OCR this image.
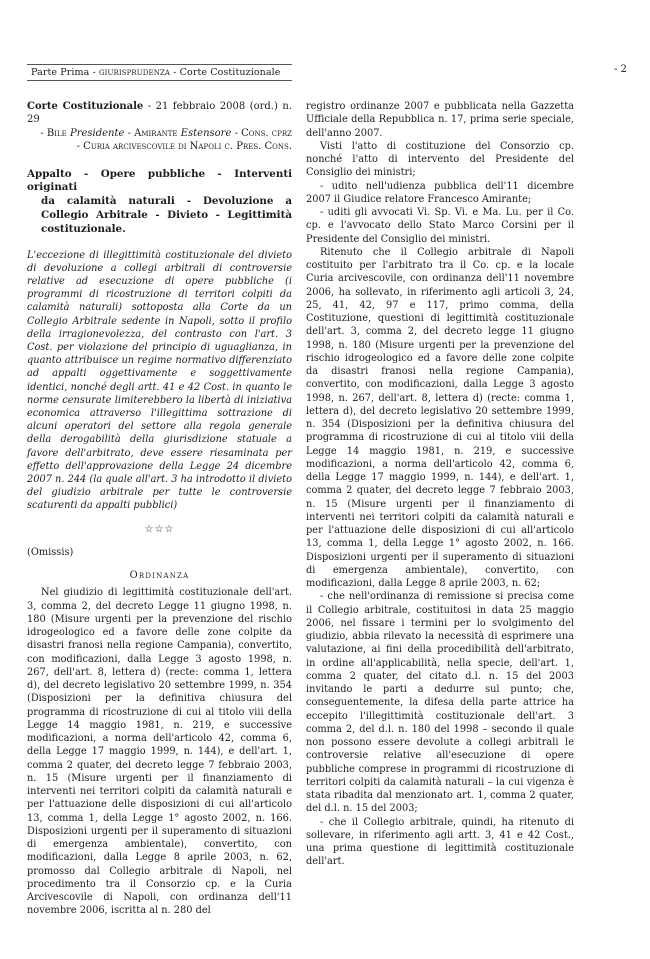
Parte Prima - giurisprudenza - Corte Costituzionale	- 2

Corte Costituzionale - 21 febbraio 2008 (ord.) n. 29

- Bile Presidente - Amirante Estensore - Cons. cprz

- Curia arcivescovile di Napoli c. Pres. Cons.

Appalto - Opere pubbliche - Interventi originati

da calamità naturali - Devoluzione a Collegio Arbitrale - Divieto - Legittimità costituzionale.

L'eccezione di illegittimità costituzionale del divieto di devoluzione a collegi arbitrali di controversie relative ad esecuzione di opere pubbliche (i programmi di ricostruzione di territori colpiti da calamità naturali) sottoposta alla Corte da un Collegio Arbitrale sedente in Napoli, sotto il profilo della irragionevolezza, del contrasto con l'art. 3 Cost. per violazione del principio di uguaglianza, in quanto attribuisce un regime normativo differenziato ad appalti oggettivamente e soggettivamente identici, nonché degli artt. 41 e 42 Cost. in quanto le norme censurate limiterebbero la libertà di iniziativa economica attraverso l'illegittima sottrazione di alcuni operatori del settore alla regola generale della derogabilità della giurisdizione statuale a favore dell'arbitrato, deve essere riesaminata per effetto dell'approvazione della Legge 24 dicembre 2007 n. 244 (la quale all'art. 3 ha introdotto il divieto del giudizio arbitrale per tutte le controversie scaturenti da appalti pubblici)

☆☆☆

(Omissis)

Ordinanza

Nel giudizio di legittimità costituzionale dell'art. 3, comma 2, del decreto Legge 11 giugno 1998, n. 180 (Misure urgenti per la prevenzione del rischio idrogeologico ed a favore delle zone colpite da disastri franosi nella regione Campania), convertito, con modificazioni, dalla Legge 3 agosto 1998, n. 267, dell'art. 8, lettera d) (recte: comma 1, lettera d), del decreto legislativo 20 settembre 1999, n. 354 (Disposizioni per la definitiva chiusura del programma di ricostruzione di cui al titolo viii della Legge 14 maggio 1981, n. 219, e successive modificazioni, a norma dell'articolo 42, comma 6, della Legge 17 maggio 1999, n. 144), e dell'art. 1, comma 2 quater, del decreto legge 7 febbraio 2003, n. 15 (Misure urgenti per il finanziamento di interventi nei territori colpiti da calamità naturali e per l'attuazione delle disposizioni di cui all'articolo 13, comma 1, della Legge 1° agosto 2002, n. 166. Disposizioni urgenti per il superamento di situazioni di emergenza ambientale), convertito, con modificazioni, dalla Legge 8 aprile 2003, n. 62, promosso dal Collegio arbitrale di Napoli, nel procedimento tra il Consorzio cp. e la Curia Arcivescovile di Napoli, con ordinanza dell'11 novembre 2006, iscritta al n. 280 del

registro ordinanze 2007 e pubblicata nella Gazzetta Ufficiale della Repubblica n. 17, prima serie speciale, dell'anno 2007.

Visti l'atto di costituzione del Consorzio cp. nonché l'atto di intervento del Presidente del Consiglio dei ministri;

- udito nell'udienza pubblica dell'11 dicembre 2007 il Giudice relatore Francesco Amirante;

- uditi gli avvocati Vi. Sp. Vi. e Ma. Lu. per il Co. cp. e l'avvocato dello Stato Marco Corsini per il Presidente del Consiglio dei ministri.

Ritenuto che il Collegio arbitrale di Napoli costituito per l'arbitrato tra il Co. cp. e la locale Curia arcivescovile, con ordinanza dell'11 novembre 2006, ha sollevato, in riferimento agli articoli 3, 24, 25, 41, 42, 97 e 117, primo comma, della Costituzione, questioni di legittimità costituzionale dell'art. 3, comma 2, del decreto legge 11 giugno 1998, n. 180 (Misure urgenti per la prevenzione del rischio idrogeologico ed a favore delle zone colpite da disastri franosi nella regione Campania), convertito, con modificazioni, dalla Legge 3 agosto 1998, n. 267, dell'art. 8, lettera d) (recte: comma 1, lettera d), del decreto legislativo 20 settembre 1999, n. 354 (Disposizioni per la definitiva chiusura del programma di ricostruzione di cui al titolo viii della Legge 14 maggio 1981, n. 219, e successive modificazioni, a norma dell'articolo 42, comma 6, della Legge 17 maggio 1999, n. 144), e dell'art. 1, comma 2 quater, del decreto legge 7 febbraio 2003, n. 15 (Misure urgenti per il finanziamento di interventi nei territori colpiti da calamità naturali e per l'attuazione delle disposizioni di cui all'articolo 13, comma 1, della Legge 1° agosto 2002, n. 166. Disposizioni urgenti per il superamento di situazioni di emergenza ambientale), convertito, con modificazioni, dalla Legge 8 aprile 2003, n. 62;

- che nell'ordinanza di remissione si precisa come il Collegio arbitrale, costituitosi in data 25 maggio 2006, nel fissare i termini per lo svolgimento del giudizio, abbia rilevato la necessità di esprimere una valutazione, ai fini della procedibilità dell'arbitrato, in ordine all'applicabilità, nella specie, dell'art. 1, comma 2 quater, del citato d.l. n. 15 del 2003 invitando le parti a dedurre sul punto; che, conseguentemente, la difesa della parte attrice ha eccepito l'illegittimità costituzionale dell'art. 3 comma 2, del d.l. n. 180 del 1998 – secondo il quale non possono essere devolute a collegi arbitrali le controversie relative all'esecuzione di opere pubbliche comprese in programmi di ricostruzione di territori colpiti da calamità naturali – la cui vigenza è stata ribadita dal menzionato art. 1, comma 2 quater, del d.l. n. 15 del 2003;

- che il Collegio arbitrale, quindi, ha ritenuto di sollevare, in riferimento agli artt. 3, 41 e 42 Cost., una prima questione di legittimità costituzionale dell'art.
